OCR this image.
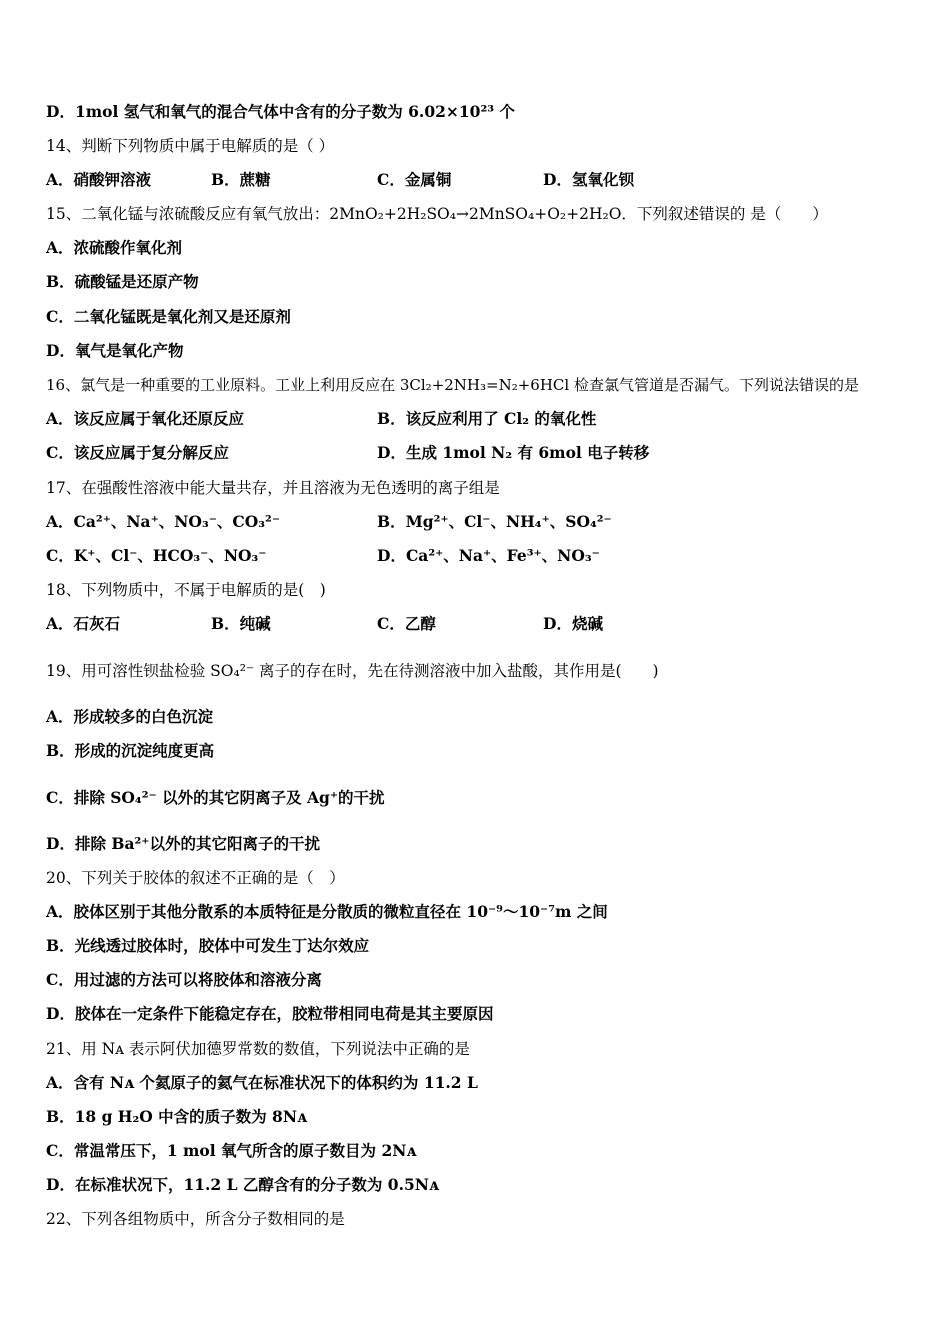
D．1mol 氢气和氧气的混合气体中含有的分子数为 6.02×10²³ 个
14、判断下列物质中属于电解质的是（ ）
A．硝酸钾溶液	B．蔗糖	C．金属铜	D．氢氧化钡
15、二氧化锰与浓硫酸反应有氧气放出：2MnO₂+2H₂SO₄→2MnSO₄+O₂+2H₂O．下列叙述错误的 是（　　）
A．浓硫酸作氧化剂
B．硫酸锰是还原产物
C．二氧化锰既是氧化剂又是还原剂
D．氧气是氧化产物
16、氯气是一种重要的工业原料。工业上利用反应在 3Cl₂+2NH₃=N₂+6HCl 检查氯气管道是否漏气。下列说法错误的是
A．该反应属于氧化还原反应	B．该反应利用了 Cl₂ 的氧化性
C．该反应属于复分解反应	D．生成 1mol N₂ 有 6mol 电子转移
17、在强酸性溶液中能大量共存，并且溶液为无色透明的离子组是
A．Ca²⁺、Na⁺、NO₃⁻、CO₃²⁻	B．Mg²⁺、Cl⁻、NH₄⁺、SO₄²⁻
C．K⁺、Cl⁻、HCO₃⁻、NO₃⁻	D．Ca²⁺、Na⁺、Fe³⁺、NO₃⁻
18、下列物质中，不属于电解质的是(　)
A．石灰石	B．纯碱	C．乙醇	D．烧碱
19、用可溶性钡盐检验 SO₄²⁻ 离子的存在时，先在待测溶液中加入盐酸，其作用是(　　)
A．形成较多的白色沉淀
B．形成的沉淀纯度更高
C．排除 SO₄²⁻ 以外的其它阴离子及 Ag⁺的干扰
D．排除 Ba²⁺以外的其它阳离子的干扰
20、下列关于胶体的叙述不正确的是（　）
A．胶体区别于其他分散系的本质特征是分散质的微粒直径在 10⁻⁹～10⁻⁷m 之间
B．光线透过胶体时，胶体中可发生丁达尔效应
C．用过滤的方法可以将胶体和溶液分离
D．胶体在一定条件下能稳定存在，胶粒带相同电荷是其主要原因
21、用 Nᴀ 表示阿伏加德罗常数的数值，下列说法中正确的是
A．含有 Nᴀ 个氦原子的氦气在标准状况下的体积约为 11.2 L
B．18 g H₂O 中含的质子数为 8Nᴀ
C．常温常压下，1 mol 氧气所含的原子数目为 2Nᴀ
D．在标准状况下，11.2 L 乙醇含有的分子数为 0.5Nᴀ
22、下列各组物质中，所含分子数相同的是
